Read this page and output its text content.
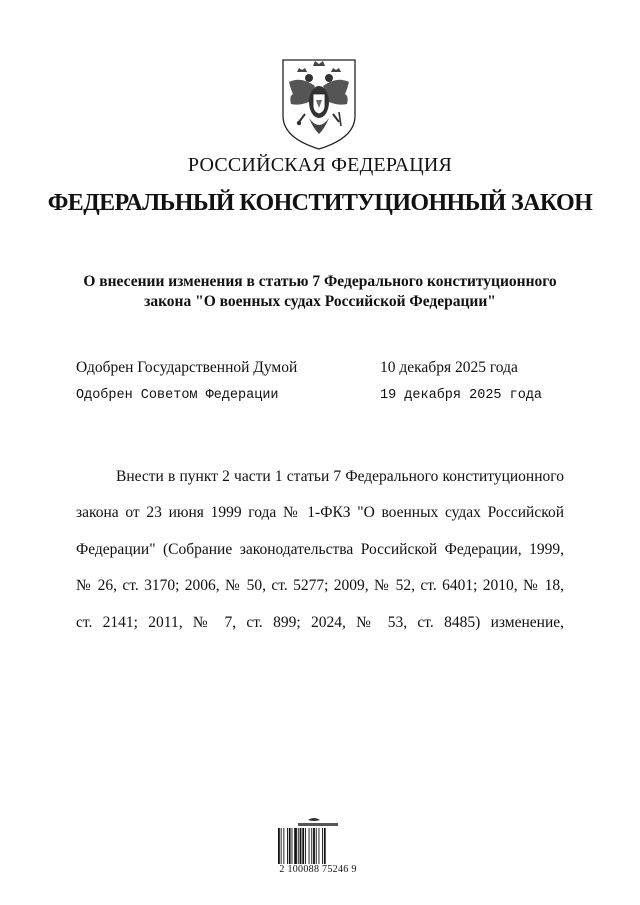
РОССИЙСКАЯ ФЕДЕРАЦИЯ
ФЕДЕРАЛЬНЫЙ КОНСТИТУЦИОННЫЙ ЗАКОН
О внесении изменения в статью 7 Федерального конституционного
закона "О военных судах Российской Федерации"
Одобрен Государственной Думой	10 декабря 2025 года
Одобрен Советом Федерации	19 декабря 2025 года
Внести в пункт 2 части 1 статьи 7 Федерального конституционного
закона от 23 июня 1999 года № 1-ФКЗ "О военных судах Российской
Федерации" (Собрание законодательства Российской Федерации, 1999,
№ 26, ст. 3170; 2006, № 50, ст. 5277; 2009, № 52, ст. 6401; 2010, № 18,
ст. 2141; 2011, № 7, ст. 899; 2024, № 53, ст. 8485) изменение,
2 100088 75246 9
